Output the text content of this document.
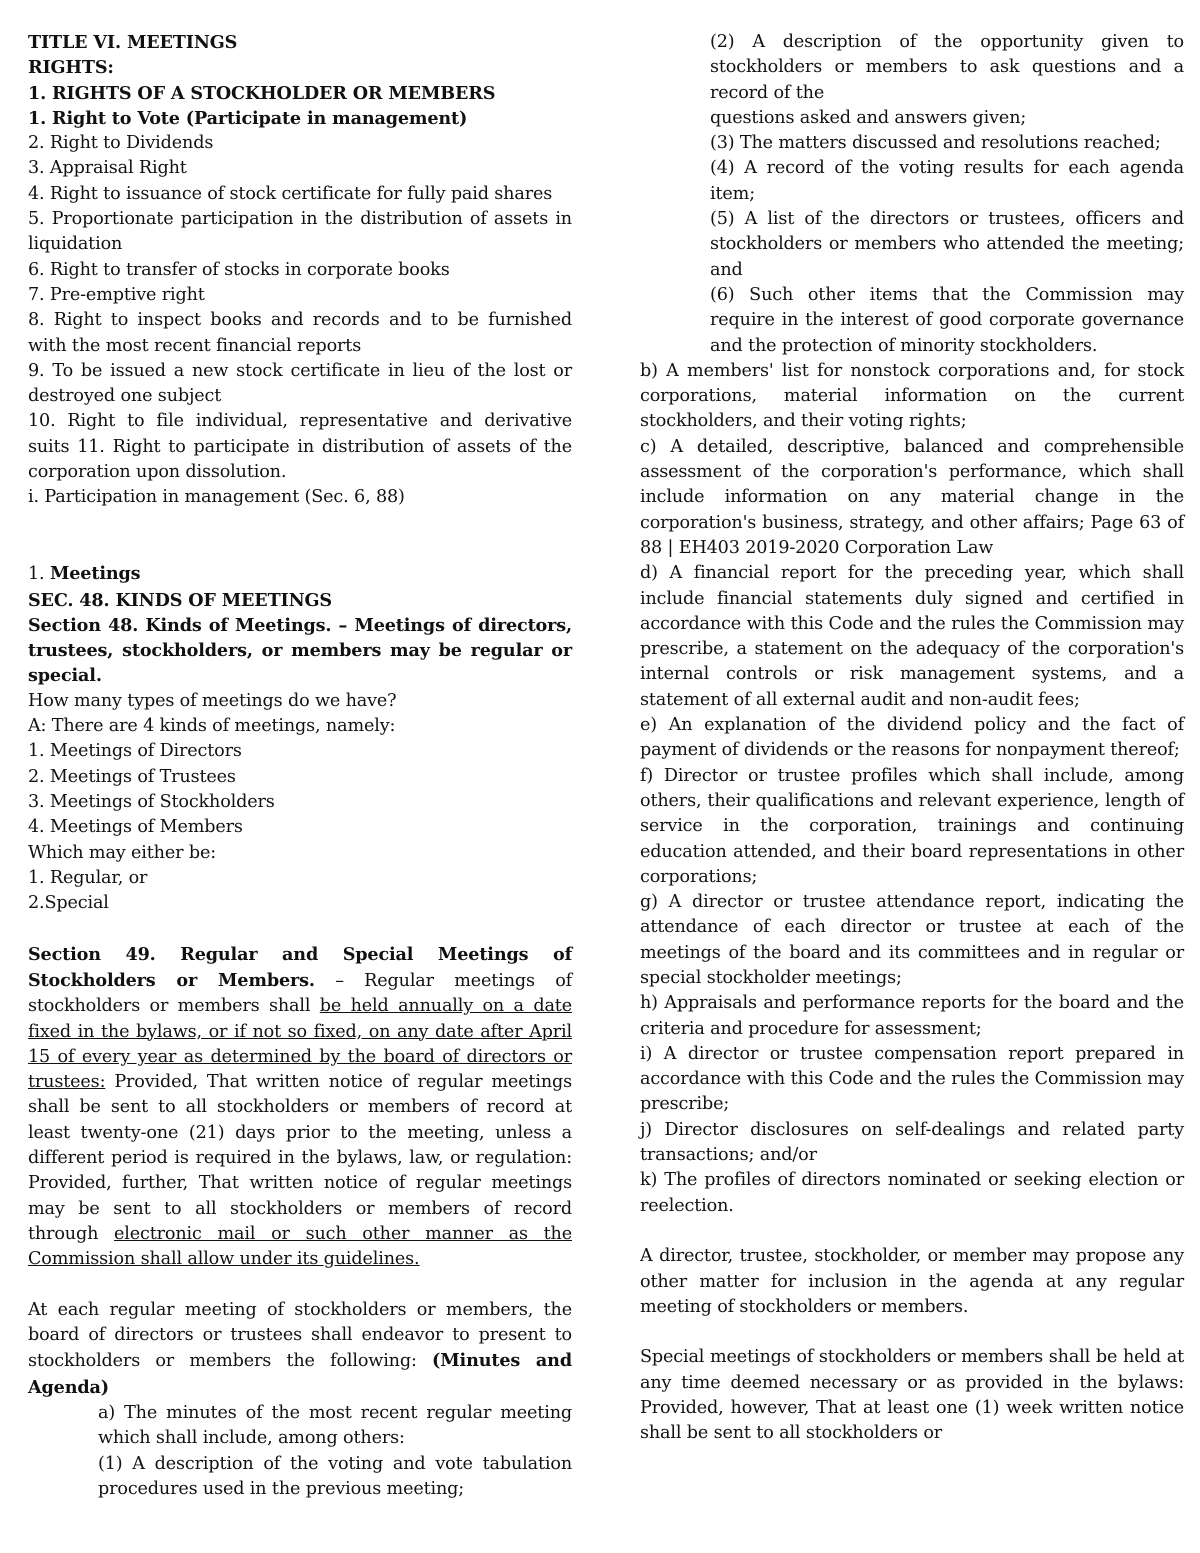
TITLE VI. MEETINGS

RIGHTS:

1. RIGHTS OF A STOCKHOLDER OR MEMBERS

1. Right to Vote (Participate in management)

2. Right to Dividends

3. Appraisal Right

4. Right to issuance of stock certificate for fully paid shares

5. Proportionate participation in the distribution of assets in liquidation

6. Right to transfer of stocks in corporate books

7. Pre-emptive right

8. Right to inspect books and records and to be furnished with the most recent financial reports

9. To be issued a new stock certificate in lieu of the lost or destroyed one subject

10. Right to file individual, representative and derivative suits 11. Right to participate in distribution of assets of the corporation upon dissolution.

i. Participation in management (Sec. 6, 88)

1. Meetings

SEC. 48. KINDS OF MEETINGS

Section 48. Kinds of Meetings. – Meetings of directors, trustees, stockholders, or members may be regular or special.

How many types of meetings do we have?

A: There are 4 kinds of meetings, namely:

1. Meetings of Directors

2. Meetings of Trustees

3. Meetings of Stockholders

4. Meetings of Members

Which may either be:

1. Regular, or

2.Special

Section 49. Regular and Special Meetings of Stockholders or Members. – Regular meetings of stockholders or members shall be held annually on a date fixed in the bylaws, or if not so fixed, on any date after April 15 of every year as determined by the board of directors or trustees: Provided, That written notice of regular meetings shall be sent to all stockholders or members of record at least twenty-one (21) days prior to the meeting, unless a different period is required in the bylaws, law, or regulation: Provided, further, That written notice of regular meetings may be sent to all stockholders or members of record through electronic mail or such other manner as the Commission shall allow under its guidelines.

At each regular meeting of stockholders or members, the board of directors or trustees shall endeavor to present to stockholders or members the following: (Minutes and Agenda)

a) The minutes of the most recent regular meeting which shall include, among others:

(1) A description of the voting and vote tabulation procedures used in the previous meeting;

(2) A description of the opportunity given to stockholders or members to ask questions and a record of the

questions asked and answers given;

(3) The matters discussed and resolutions reached;

(4) A record of the voting results for each agenda item;

(5) A list of the directors or trustees, officers and stockholders or members who attended the meeting; and

(6) Such other items that the Commission may require in the interest of good corporate governance and the protection of minority stockholders.

b) A members' list for nonstock corporations and, for stock corporations, material information on the current stockholders, and their voting rights;

c) A detailed, descriptive, balanced and comprehensible assessment of the corporation's performance, which shall include information on any material change in the corporation's business, strategy, and other affairs; Page 63 of 88 | EH403 2019-2020 Corporation Law

d) A financial report for the preceding year, which shall include financial statements duly signed and certified in accordance with this Code and the rules the Commission may prescribe, a statement on the adequacy of the corporation's internal controls or risk management systems, and a statement of all external audit and non-audit fees;

e) An explanation of the dividend policy and the fact of payment of dividends or the reasons for nonpayment thereof;

f) Director or trustee profiles which shall include, among others, their qualifications and relevant experience, length of service in the corporation, trainings and continuing education attended, and their board representations in other corporations;

g) A director or trustee attendance report, indicating the attendance of each director or trustee at each of the meetings of the board and its committees and in regular or special stockholder meetings;

h) Appraisals and performance reports for the board and the criteria and procedure for assessment;

i) A director or trustee compensation report prepared in accordance with this Code and the rules the Commission may prescribe;

j) Director disclosures on self-dealings and related party transactions; and/or

k) The profiles of directors nominated or seeking election or reelection.

A director, trustee, stockholder, or member may propose any other matter for inclusion in the agenda at any regular meeting of stockholders or members.

Special meetings of stockholders or members shall be held at any time deemed necessary or as provided in the bylaws: Provided, however, That at least one (1) week written notice shall be sent to all stockholders or
